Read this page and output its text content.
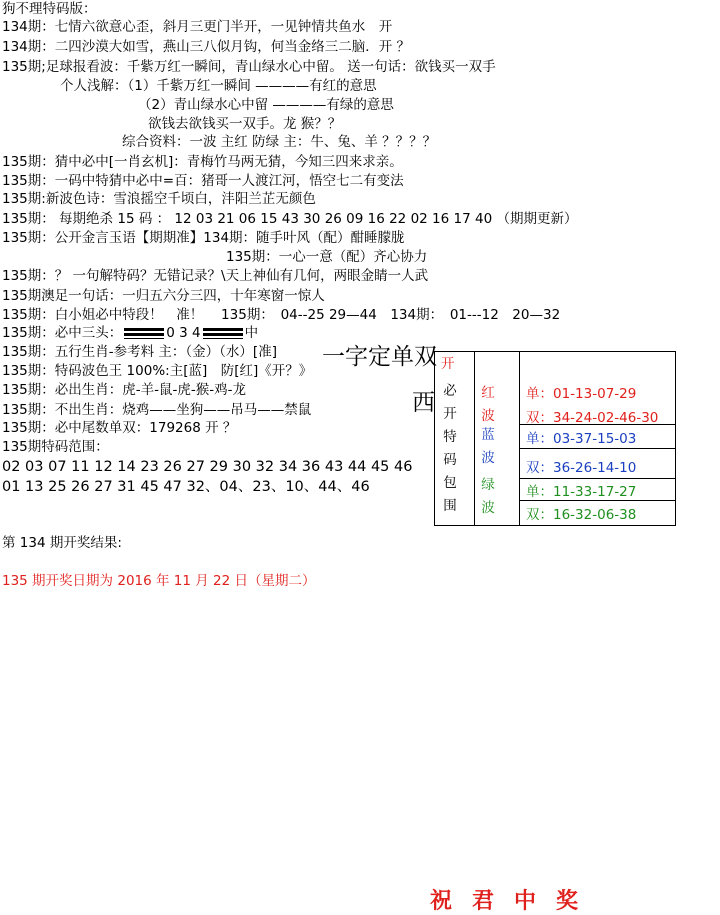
狗不理特码版：
134期：七情六欲意心歪，斜月三更门半开，一见钟情共鱼水　开
134期：二四沙漠大如雪，燕山三八似月钩，何当金络三二脑．开 ？
135期;足球报看波：千紫万红一瞬间，青山绿水心中留。 送一句话：欲钱买一双手
个人浅解：（1）千紫万红一瞬间 ————有红的意思
（2）青山绿水心中留 ————有绿的意思
欲钱去欲钱买一双手。龙 猴？？
综合资料：一波 主红 防绿 主：牛、兔、羊 ？？？？
135期：猜中必中[一肖玄机]：青梅竹马两无猜，今知三四来求亲。
135期：一码中特猜中必中=百：猪哥一人渡江河，悟空七二有变法
135期:新波色诗：雪浪摇空千顷白，沣阳兰芷无颜色
135期： 每期绝杀 15 码 ： 12 03 21 06 15 43 30 26 09 16 22 02 16 17 40 （期期更新）
135期：公开金言玉语【期期准】134期：随手叶风（配）酣睡朦胧
135期：一心一意（配）齐心协力
135期：？ 一句解特码？无错记录？\天上神仙有几何，两眼金睛一人武
135期澳足一句话：一归五六分三四，十年寒窗一惊人
135期：白小姐必中特段！　准！　 135期：　04--25 29—44　134期：　01---12　20—32
135期：必中三头：	0 3 4	中
135期：五行生肖-参考料 主：（金）（水）[准]
135期：特码波色王 100%:主[蓝]　防[红]《开？》
135期：必出生肖：虎-羊-鼠-虎-猴-鸡-龙
135期：不出生肖：烧鸡——坐狗——吊马——禁鼠
135期：必中尾数单双：179268 开 ？
135期特码范围：
02 03 07 11 12 14 23 26 27 29 30 32 34 36 43 44 45 46
01 13 25 26 27 31 45 47 32、04、23、10、44、46
第 134 期开奖结果:
135 期开奖日期为 2016 年 11 月 22 日（星期二）
开
必
开
特
码
包
围
红
波
蓝
波
绿
波
单：01-13-07-29
双：34-24-02-46-30
单：03-37-15-03
双：36-26-14-10
单：11-33-17-27
双：16-32-06-38
一字定单双
西
祝君中奖
